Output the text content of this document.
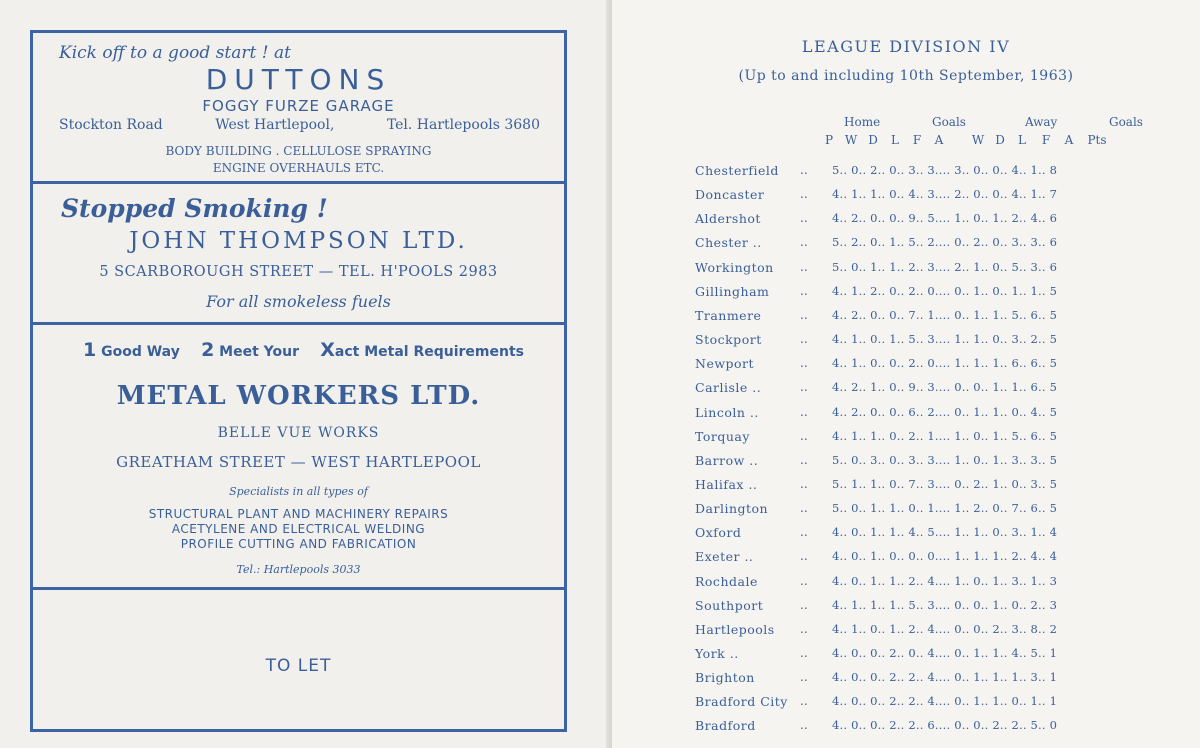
Kick off to a good start ! at
DUTTONS
FOGGY FURZE GARAGE
Stockton Road	West Hartlepool,	Tel. Hartlepools 3680
BODY BUILDING . CELLULOSE SPRAYING
ENGINE OVERHAULS ETC.
Stopped Smoking !
JOHN THOMPSON LTD.
5 SCARBOROUGH STREET — TEL. H'POOLS 2983
For all smokeless fuels
1 Good Way 2 Meet Your Xact Metal Requirements
METAL WORKERS LTD.
BELLE VUE WORKS
GREATHAM STREET — WEST HARTLEPOOL
Specialists in all types of
STRUCTURAL PLANT AND MACHINERY REPAIRS
ACETYLENE AND ELECTRICAL WELDING
PROFILE CUTTING AND FABRICATION
Tel.: Hartlepools 3033
TO LET
LEAGUE DIVISION IV
(Up to and including 10th September, 1963)
Home	Goals	Away	Goals
P W D	L	F	A	W D	L	F	A	Pts
Chesterfield .. 5.. 0.. 2.. 0.. 3.. 3.... 3.. 0.. 0.. 4.. 1.. 8
Doncaster	.. 4.. 1.. 1.. 0.. 4.. 3.... 2.. 0.. 0.. 4.. 1.. 7
Aldershot	.. 4.. 2.. 0.. 0.. 9.. 5.... 1.. 0.. 1.. 2.. 4.. 6
Chester ..	.. 5.. 2.. 0.. 1.. 5.. 2.... 0.. 2.. 0.. 3.. 3.. 6
Workington .. 5.. 0.. 1.. 1.. 2.. 3.... 2.. 1.. 0.. 5.. 3.. 6
Gillingham	.. 4.. 1.. 2.. 0.. 2.. 0.... 0.. 1.. 0.. 1.. 1.. 5
Tranmere	.. 4.. 2.. 0.. 0.. 7.. 1.... 0.. 1.. 1.. 5.. 6.. 5
Stockport	.. 4.. 1.. 0.. 1.. 5.. 3.... 1.. 1.. 0.. 3.. 2.. 5
Newport	.. 4.. 1.. 0.. 0.. 2.. 0.... 1.. 1.. 1.. 6.. 6.. 5
Carlisle ..	.. 4.. 2.. 1.. 0.. 9.. 3.... 0.. 0.. 1.. 1.. 6.. 5
Lincoln ..	.. 4.. 2.. 0.. 0.. 6.. 2.... 0.. 1.. 1.. 0.. 4.. 5
Torquay	.. 4.. 1.. 1.. 0.. 2.. 1.... 1.. 0.. 1.. 5.. 6.. 5
Barrow ..	.. 5.. 0.. 3.. 0.. 3.. 3.... 1.. 0.. 1.. 3.. 3.. 5
Halifax ..	.. 5.. 1.. 1.. 0.. 7.. 3.... 0.. 2.. 1.. 0.. 3.. 5
Darlington	.. 5.. 0.. 1.. 1.. 0.. 1.... 1.. 2.. 0.. 7.. 6.. 5
Oxford	.. 4.. 0.. 1.. 1.. 4.. 5.... 1.. 1.. 0.. 3.. 1.. 4
Exeter ..	.. 4.. 0.. 1.. 0.. 0.. 0.... 1.. 1.. 1.. 2.. 4.. 4
Rochdale	.. 4.. 0.. 1.. 1.. 2.. 4.... 1.. 0.. 1.. 3.. 1.. 3
Southport	.. 4.. 1.. 1.. 1.. 5.. 3.... 0.. 0.. 1.. 0.. 2.. 3
Hartlepools .. 4.. 1.. 0.. 1.. 2.. 4.... 0.. 0.. 2.. 3.. 8.. 2
York ..	.. 4.. 0.. 0.. 2.. 0.. 4.... 0.. 1.. 1.. 4.. 5.. 1
Brighton	.. 4.. 0.. 0.. 2.. 2.. 4.... 0.. 1.. 1.. 1.. 3.. 1
Bradford City .. 4.. 0.. 0.. 2.. 2.. 4.... 0.. 1.. 1.. 0.. 1.. 1
Bradford	.. 4.. 0.. 0.. 2.. 2.. 6.... 0.. 0.. 2.. 2.. 5.. 0
